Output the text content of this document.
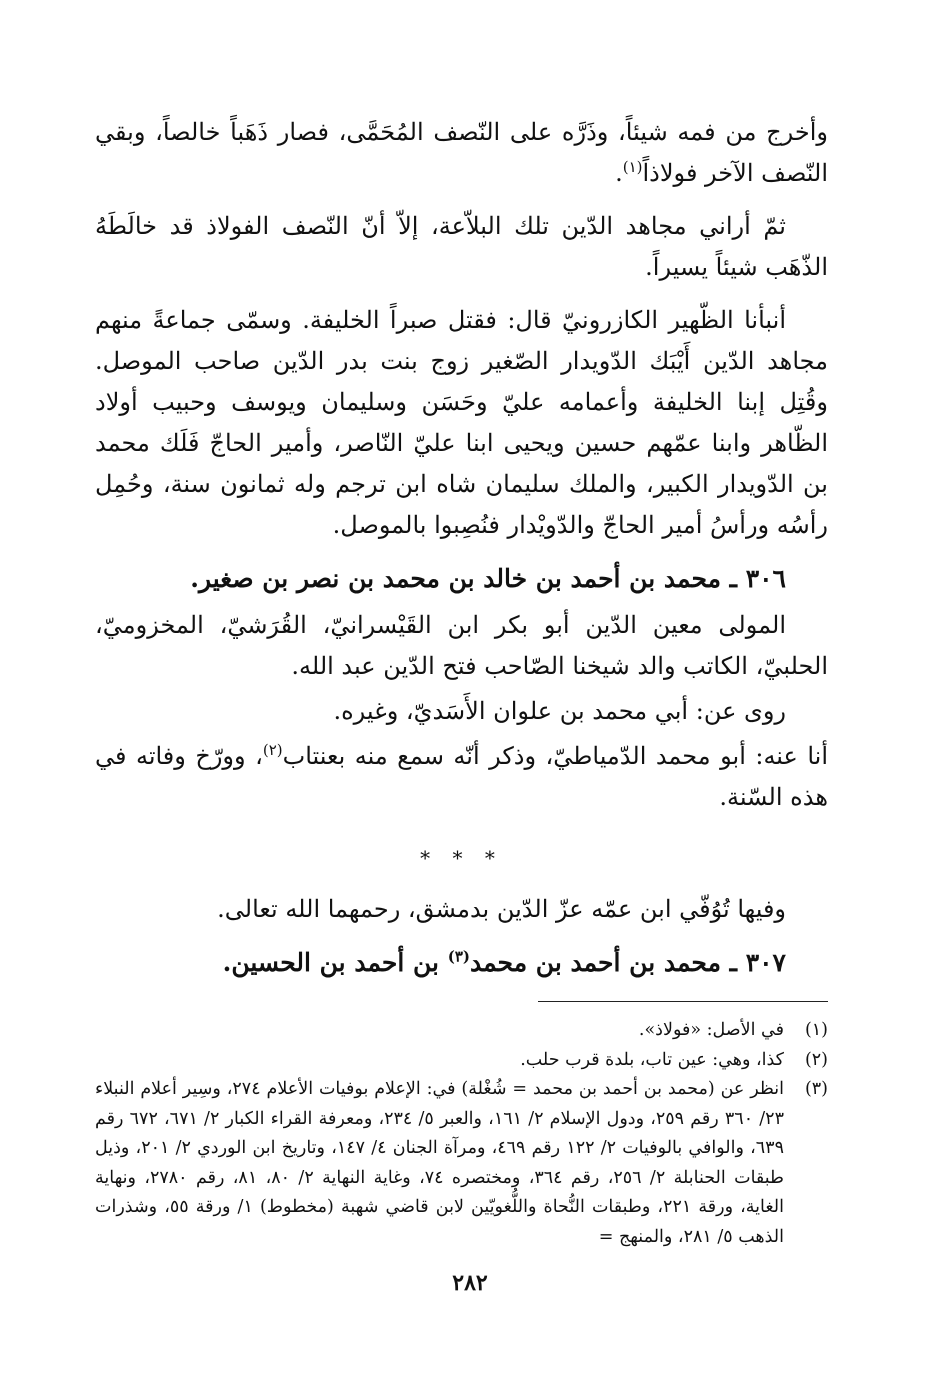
وأخرج من فمه شيئاً، وذَرَّه على النّصف المُحَمَّى، فصار ذَهَباً خالصاً، وبقي النّصف الآخر فولاذاً$^{(١)}$.

ثمّ أراني مجاهد الدّين تلك البلاّعة، إلاّ أنّ النّصف الفولاذ قد خالَطَهُ الذّهَب شيئاً يسيراً.

أنبأنا الظّهير الكازرونيّ قال: فقتل صبراً الخليفة. وسمّى جماعةً منهم مجاهد الدّين أَيْبَك الدّويدار الصّغير زوج بنت بدر الدّين صاحب الموصل. وقُتِل إبنا الخليفة وأعمامه عليّ وحَسَن وسليمان ويوسف وحبيب أولاد الظّاهر وابنا عمّهم حسين ويحيى ابنا عليّ النّاصر، وأمير الحاجّ فَلَك محمد بن الدّويدار الكبير، والملك سليمان شاه ابن ترجم وله ثمانون سنة، وحُمِل رأسُه ورأسُ أمير الحاجّ والدّويْدار فنُصِبوا بالموصل.

٣٠٦ ـ محمد بن أحمد بن خالد بن محمد بن نصر بن صغير.

المولى معين الدّين أبو بكر ابن القَيْسرانيّ، القُرَشيّ، المخزوميّ، الحلبيّ، الكاتب والد شيخنا الصّاحب فتح الدّين عبد الله.

روى عن: أبي محمد بن علوان الأَسَديّ، وغيره.

أنا عنه: أبو محمد الدّمياطيّ، وذكر أنّه سمع منه بعنتاب$^{(٢)}$، وورّخ وفاته في هذه السّنة.

* * *

وفيها تُوُفّي ابن عمّه عزّ الدّين بدمشق، رحمهما الله تعالى.

٣٠٧ ـ محمد بن أحمد بن محمد$^{(٣)}$ بن أحمد بن الحسين.

(١)
في الأصل: «فولاذ».
(٢)
كذا، وهي: عين تاب، بلدة قرب حلب.
(٣)
انظر عن (محمد بن أحمد بن محمد = شُغْلة) في: الإعلام بوفيات الأعلام ٢٧٤، وسِير أعلام النبلاء ٢٣/ ٣٦٠ رقم ٢٥٩، ودول الإسلام ٢/ ١٦١، والعبر ٥/ ٢٣٤، ومعرفة القراء الكبار ٢/ ٦٧١، ٦٧٢ رقم ٦٣٩، والوافي بالوفيات ٢/ ١٢٢ رقم ٤٦٩، ومرآة الجنان ٤/ ١٤٧، وتاريخ ابن الوردي ٢/ ٢٠١، وذيل طبقات الحنابلة ٢/ ٢٥٦، رقم ٣٦٤، ومختصره ٧٤، وغاية النهاية ٢/ ٨٠، ٨١، رقم ٢٧٨٠، ونهاية الغاية، ورقة ٢٢١، وطبقات النُّحاة واللُّغويّين لابن قاضي شهبة (مخطوط) ١/ ورقة ٥٥، وشذرات الذهب ٥/ ٢٨١، والمنهج =
٢٨٢
